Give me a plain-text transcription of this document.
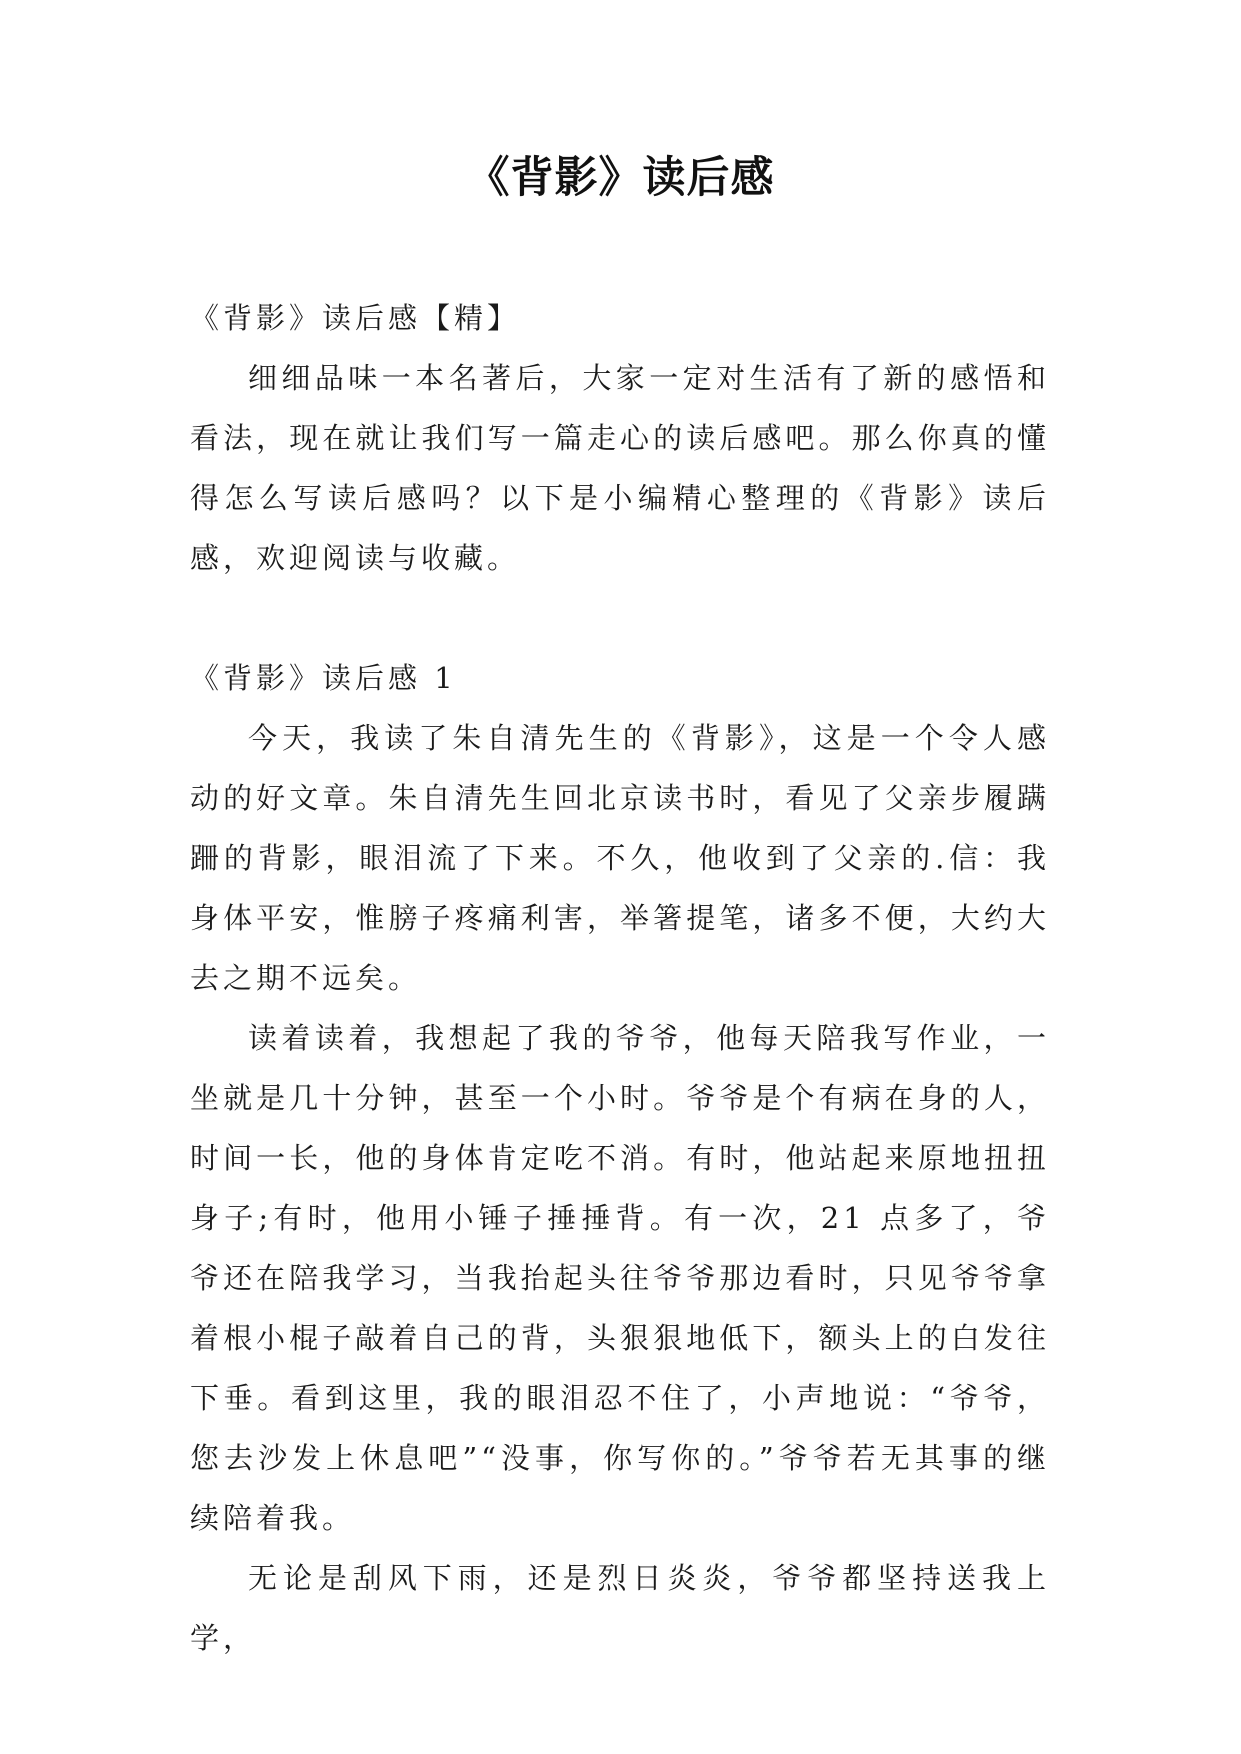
《背影》读后感

《背影》读后感【精】

细细品味一本名著后，大家一定对生活有了新的感悟和看法，现在就让我们写一篇走心的读后感吧。那么你真的懂得怎么写读后感吗？以下是小编精心整理的《背影》读后感，欢迎阅读与收藏。

《背影》读后感 1

今天，我读了朱自清先生的《背影》，这是一个令人感动的好文章。朱自清先生回北京读书时，看见了父亲步履蹒跚的背影，眼泪流了下来。不久，他收到了父亲的.信：我身体平安，惟膀子疼痛利害，举箸提笔，诸多不便，大约大去之期不远矣。

读着读着，我想起了我的爷爷，他每天陪我写作业，一坐就是几十分钟，甚至一个小时。爷爷是个有病在身的人，时间一长，他的身体肯定吃不消。有时，他站起来原地扭扭身子;有时，他用小锤子捶捶背。有一次，21 点多了，爷爷还在陪我学习，当我抬起头往爷爷那边看时，只见爷爷拿着根小棍子敲着自己的背，头狠狠地低下，额头上的白发往下垂。看到这里，我的眼泪忍不住了，小声地说：“爷爷，您去沙发上休息吧”“没事，你写你的。”爷爷若无其事的继续陪着我。

无论是刮风下雨，还是烈日炎炎，爷爷都坚持送我上学，
